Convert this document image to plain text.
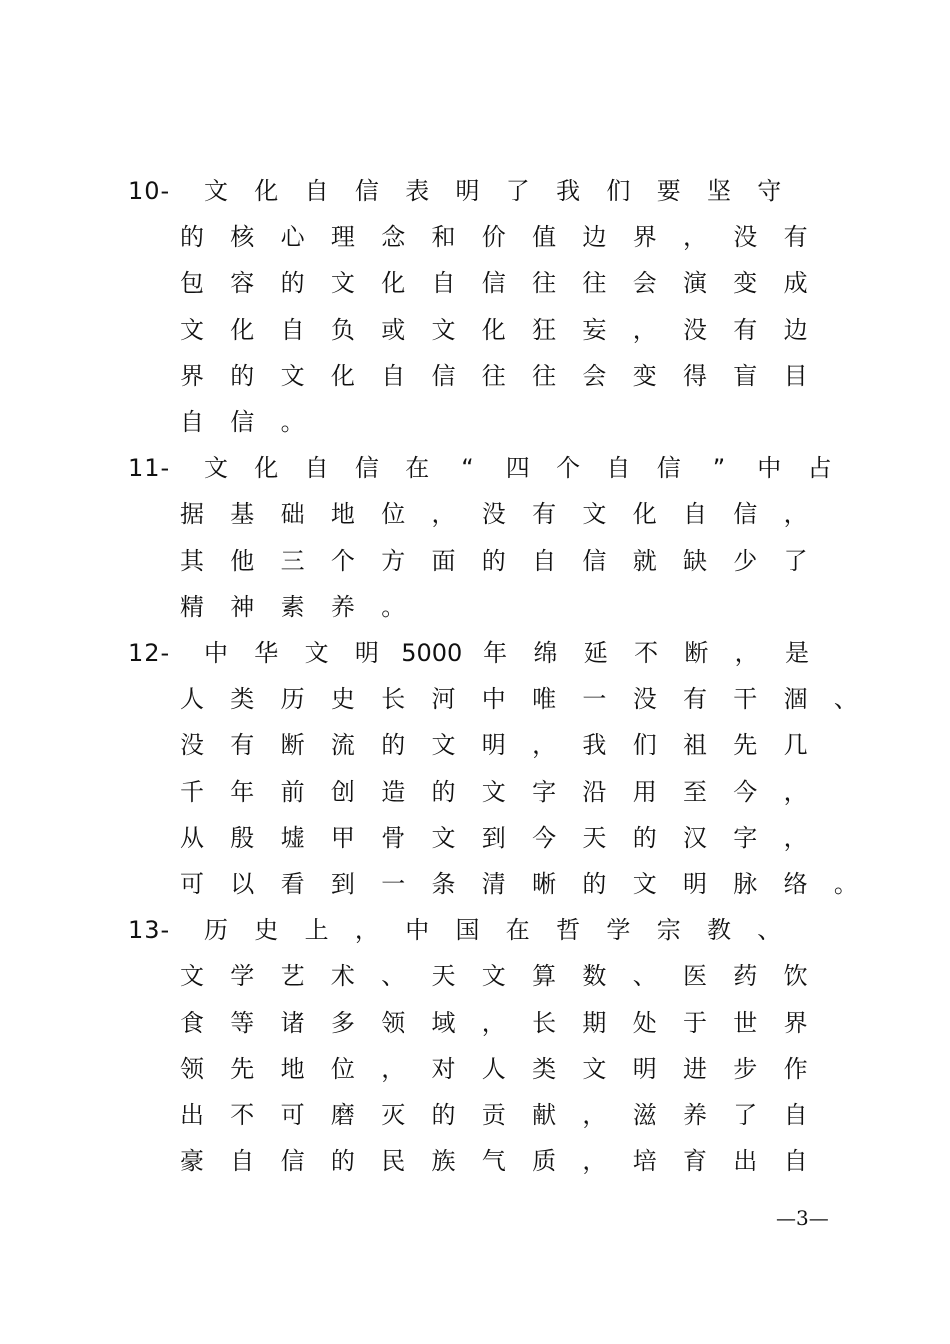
10- 文 化 自 信 表 明 了 我 们 要 坚 守
的 核 心 理 念 和 价 值 边 界 ， 没 有
包 容 的 文 化 自 信 往 往 会 演 变 成
文 化 自 负 或 文 化 狂 妄 ， 没 有 边
界 的 文 化 自 信 往 往 会 变 得 盲 目
自 信 。
11- 文 化 自 信 在	“	四 个 自 信	”	中 占
据 基 础 地 位 ， 没 有 文 化 自 信 ，
其 他 三 个 方 面 的 自 信 就 缺 少 了
精 神 素 养 。
12- 中 华 文 明 5000 年 绵 延 不 断 ， 是
人 类 历 史 长 河 中 唯 一 没 有 干 涸 、
没 有 断 流 的 文 明 ， 我 们 祖 先 几
千 年 前 创 造 的 文 字 沿 用 至 今 ，
从 殷 墟 甲 骨 文 到 今 天 的 汉 字 ，
可 以 看 到 一 条 清 晰 的 文 明 脉 络 。
13- 历 史 上 ， 中 国 在 哲 学 宗 教 、
文 学 艺 术 、 天 文 算 数 、 医 药 饮
食 等 诸 多 领 域 ， 长 期 处 于 世 界
领 先 地 位 ， 对 人 类 文 明 进 步 作
出 不 可 磨 灭 的 贡 献 ， 滋 养 了 自
豪 自 信 的 民 族 气 质 ， 培 育 出 自
—3—
